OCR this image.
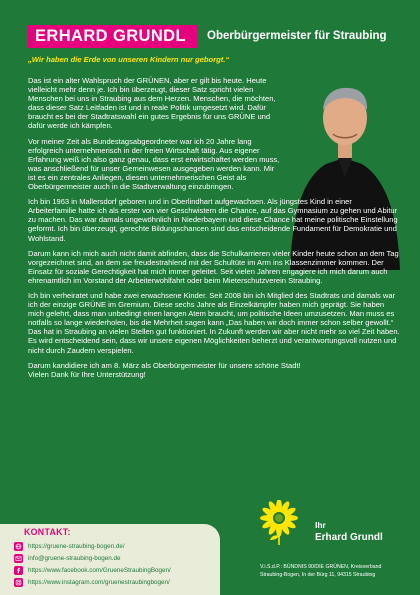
ERHARD GRUNDL	Oberbürgermeister für Straubing
„Wir haben die Erde von unseren Kindern nur geborgt.“

Das ist ein alter Wahlspruch der GRÜNEN, aber er gilt bis heute. Heute vielleicht mehr denn je. Ich bin überzeugt, dieser Satz spricht vielen Menschen bei uns in Straubing aus dem Herzen. Menschen, die möchten, dass dieser Satz Leitfaden ist und in reale Politik umgesetzt wird. Dafür braucht es bei der Stadtratswahl ein gutes Ergebnis für uns GRÜNE und dafür werde ich kämpfen.

Vor meiner Zeit als Bundestagsabgeordneter war ich 20 Jahre lang erfolgreich unternehmerisch in der freien Wirtschaft tätig. Aus eigener Erfahrung weiß ich also ganz genau, dass erst erwirtschaftet werden muss, was anschließend für unser Gemeinwesen ausgegeben werden kann. Mir ist es ein zentrales Anliegen, diesen unternehmerischen Geist als Oberbürgermeister auch in die Stadtverwaltung einzubringen.

Ich bin 1963 in Mallersdorf geboren und in Oberlindhart aufgewachsen. Als jüngstes Kind in einer Arbeiterfamilie hatte ich als erster von vier Geschwistern die Chance, auf das Gymnasium zu gehen und Abitur zu machen. Das war damals ungewöhnlich in Niederbayern und diese Chance hat meine politische Einstellung geformt. Ich bin überzeugt, gerechte Bildungschancen sind das entscheidende Fundament für Demokratie und Wohlstand.

Darum kann ich mich auch nicht damit abfinden, dass die Schulkarrieren vieler Kinder heute schon an dem Tag vorgezeichnet sind, an dem sie freudestrahlend mit der Schultüte im Arm ins Klassenzimmer kommen. Der Einsatz für soziale Gerechtigkeit hat mich immer geleitet. Seit vielen Jahren engagiere ich mich darum auch ehrenamtlich im Vorstand der Arbeiterwohlfahrt oder beim Mieterschutzverein Straubing.

Ich bin verheiratet und habe zwei erwachsene Kinder. Seit 2008 bin ich Mitglied des Stadtrats und damals war ich der einzige GRÜNE im Gremium. Diese sechs Jahre als Einzelkämpfer haben mich geprägt. Sie haben mich gelehrt, dass man unbedingt einen langen Atem braucht, um politische Ideen umzusetzen. Man muss es notfalls so lange wiederholen, bis die Mehrheit sagen kann „Das haben wir doch immer schon selber gewollt.“ Das hat in Straubing an vielen Stellen gut funktioniert. In Zukunft werden wir aber nicht mehr so viel Zeit haben. Es wird entscheidend sein, dass wir unsere eigenen Möglichkeiten beherzt und verantwortungsvoll nutzen und nicht durch Zaudern verspielen.

Darum kandidiere ich am 8. März als Oberbürgermeister für unsere schöne Stadt!
Vielen Dank für Ihre Unterstützung!
KONTAKT:
https://gruene-straubing-bogen.de/
info@gruene-straubing-bogen.de
https://www.facebook.com/GrueneStraubingBogen/
https://www.instagram.com/gruenestraubingbogen/
Ihr
Erhard Grundl
V.i.S.d.P.: BÜNDNIS 90/DIE GRÜNEN, Kreisverband
Straubing-Bogen, In der Bürg 11, 94315 Straubing
